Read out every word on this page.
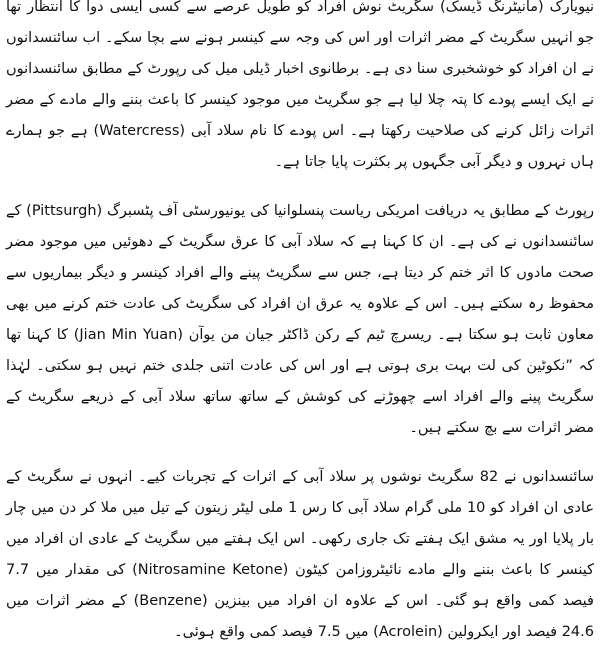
نیویارک (مانیٹرنگ ڈیسک) سگریٹ نوش افراد کو طویل عرصے سے کسی ایسی دوا کا انتظار تھا جو انہیں سگریٹ کے مضر اثرات اور اس کی وجہ سے کینسر ہونے سے بچا سکے۔ اب سائنسدانوں نے ان افراد کو خوشخبری سنا دی ہے۔ برطانوی اخبار ڈیلی میل کی رپورٹ کے مطابق سائنسدانوں نے ایک ایسے پودے کا پتہ چلا لیا ہے جو سگریٹ میں موجود کینسر کا باعث بننے والے مادے کے مضر اثرات زائل کرنے کی صلاحیت رکھتا ہے۔ اس پودے کا نام سلاد آبی (Watercress) ہے جو ہمارے ہاں نہروں و دیگر آبی جگہوں پر بکثرت پایا جاتا ہے۔

رپورٹ کے مطابق یہ دریافت امریکی ریاست پنسلوانیا کی یونیورسٹی آف پٹسبرگ (Pittsurgh) کے سائنسدانوں نے کی ہے۔ ان کا کہنا ہے کہ سلاد آبی کا عرق سگریٹ کے دھوئیں میں موجود مضر صحت مادوں کا اثر ختم کر دیتا ہے، جس سے سگریٹ پینے والے افراد کینسر و دیگر بیماریوں سے محفوظ رہ سکتے ہیں۔ اس کے علاوہ یہ عرق ان افراد کی سگریٹ کی عادت ختم کرنے میں بھی معاون ثابت ہو سکتا ہے۔ ریسرچ ٹیم کے رکن ڈاکٹر جیان من یوآن (Jian Min Yuan) کا کہنا تھا کہ ”نکوٹین کی لت بہت بری ہوتی ہے اور اس کی عادت اتنی جلدی ختم نہیں ہو سکتی۔ لہٰذا سگریٹ پینے والے افراد اسے چھوڑنے کی کوشش کے ساتھ ساتھ سلاد آبی کے ذریعے سگریٹ کے مضر اثرات سے بچ سکتے ہیں۔

سائنسدانوں نے 82 سگریٹ نوشوں پر سلاد آبی کے اثرات کے تجربات کیے۔ انہوں نے سگریٹ کے عادی ان افراد کو 10 ملی گرام سلاد آبی کا رس 1 ملی لیٹر زیتون کے تیل میں ملا کر دن میں چار بار پلایا اور یہ مشق ایک ہفتے تک جاری رکھی۔ اس ایک ہفتے میں سگریٹ کے عادی ان افراد میں کینسر کا باعث بننے والے مادے نائیٹروزامن کیٹون (Nitrosamine Ketone) کی مقدار میں 7.7 فیصد کمی واقع ہو گئی۔ اس کے علاوہ ان افراد میں بینزین (Benzene) کے مضر اثرات میں 24.6 فیصد اور ایکرولین (Acrolein) میں 7.5 فیصد کمی واقع ہوئی۔
